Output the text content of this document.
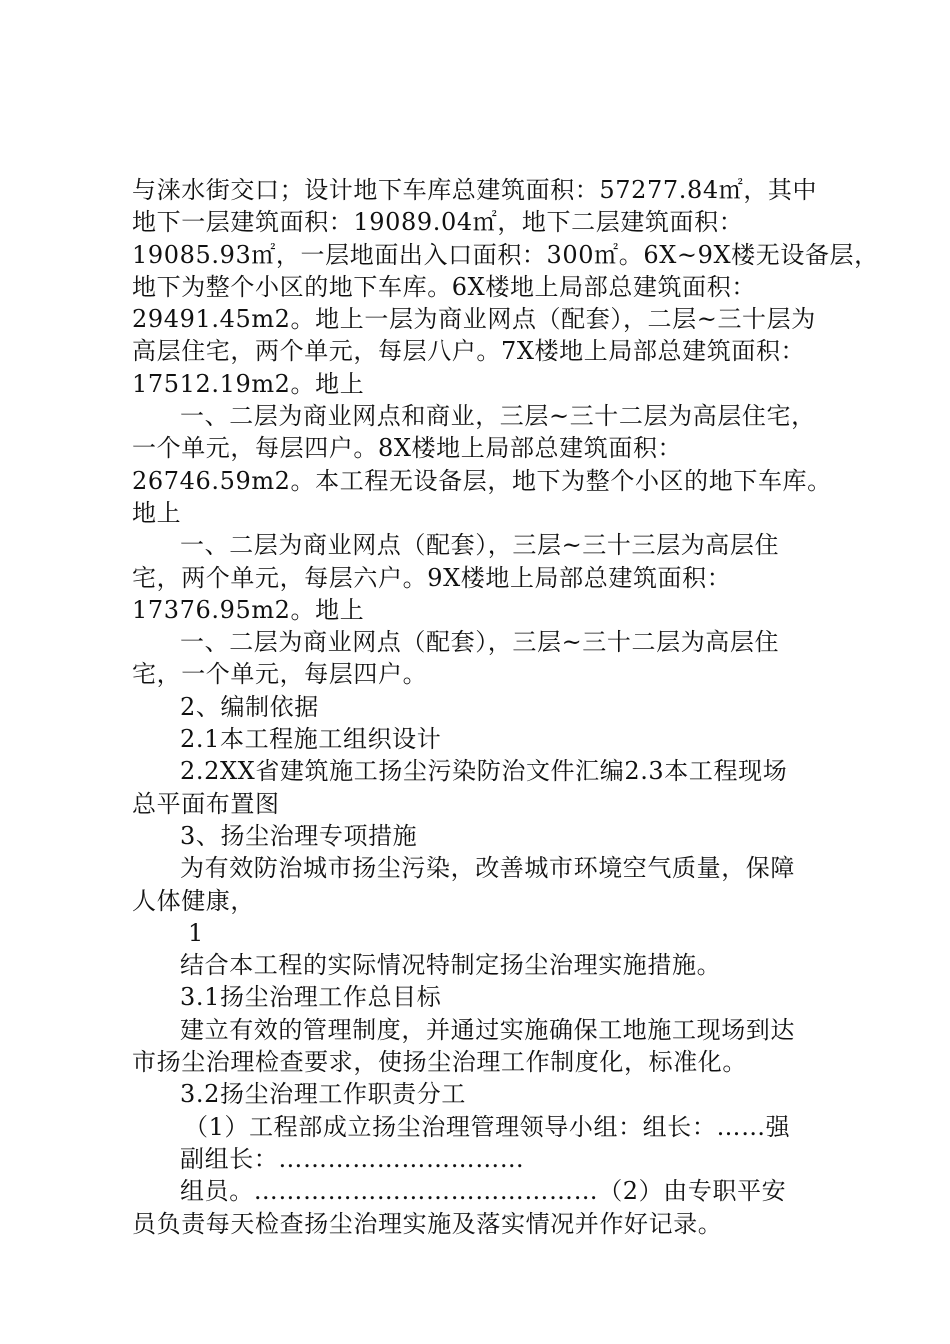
与涞水街交口；设计地下车库总建筑面积：57277.84㎡，其中
地下一层建筑面积：19089.04㎡，地下二层建筑面积：
19085.93㎡，一层地面出入口面积：300㎡。6X~9X楼无设备层，
地下为整个小区的地下车库。6X楼地上局部总建筑面积：
29491.45m2。地上一层为商业网点（配套），二层~三十层为
高层住宅，两个单元，每层八户。7X楼地上局部总建筑面积：
17512.19m2。地上
一、二层为商业网点和商业，三层~三十二层为高层住宅，
一个单元，每层四户。8X楼地上局部总建筑面积：
26746.59m2。本工程无设备层，地下为整个小区的地下车库。
地上
一、二层为商业网点（配套），三层~三十三层为高层住
宅，两个单元，每层六户。9X楼地上局部总建筑面积：
17376.95m2。地上
一、二层为商业网点（配套），三层~三十二层为高层住
宅，一个单元，每层四户。
2、编制依据
2.1本工程施工组织设计
2.2XX省建筑施工扬尘污染防治文件汇编2.3本工程现场
总平面布置图
3、扬尘治理专项措施
为有效防治城市扬尘污染，改善城市环境空气质量，保障
人体健康，
1
结合本工程的实际情况特制定扬尘治理实施措施。
3.1扬尘治理工作总目标
建立有效的管理制度，并通过实施确保工地施工现场到达
市扬尘治理检查要求，使扬尘治理工作制度化，标准化。
3.2扬尘治理工作职责分工
（1）工程部成立扬尘治理管理领导小组：组长：……强
副组长：…………………………
组员。……………………………………（2）由专职平安
员负责每天检查扬尘治理实施及落实情况并作好记录。
